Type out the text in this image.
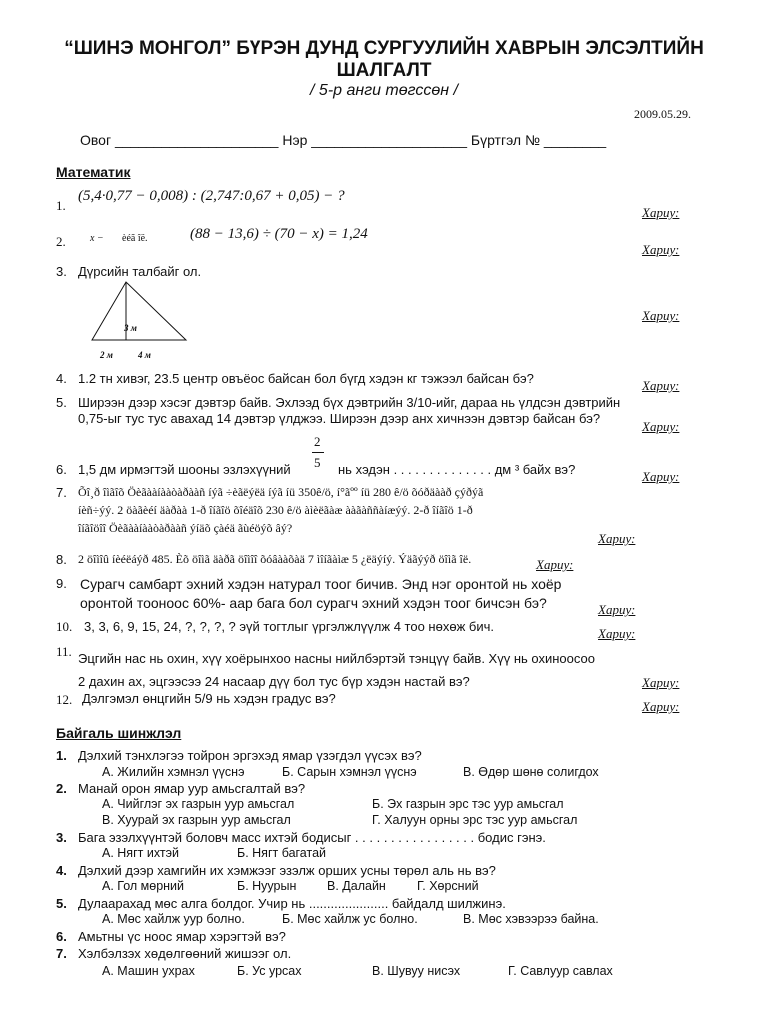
“ШИНЭ МОНГОЛ” БҮРЭН ДУНД СУРГУУЛИЙН ХАВРЫН ЭЛСЭЛТИЙН
ШАЛГАЛТ
/ 5-р анги төгссөн /
2009.05.29.
Овог _____________________ Нэр ____________________ Бүртгэл № ________
Математик
1.
(5,4·0,77 − 0,008) : (2,747:0,67 + 0,05) − ?
Хариу:
2. x − èéã îë.	(88 − 13,6) ÷ (70 − x) = 1,24
Хариу:
3. Дүрсийн талбайг ол.
3 м
2 м	4 м
Хариу:
4. 1.2 тн хивэг, 23.5 центр овъёос байсан бол бүгд хэдэн кг тэжээл байсан бэ?	Хариу:
5. Ширээн дээр хэсэг дэвтэр байв. Эхлээд бүх дэвтрийн 3/10-ийг, дараа нь үлдсэн дэвтрийн
0,75-ыг тус тус авахад 14 дэвтэр үлджээ. Ширээн дээр анх хичнээн дэвтэр байсан бэ?
Хариу:
6. 1,5 дм ирмэгтэй шооны эзлэхүүний
2
5 нь хэдэн . . . . . . . . . . . . . . дм ³ байх вэ?	Хариу:
7. Õî¸ð îìãîõ Öèãààíààòàðààñ íýã ÷èãëýëä íýã íü 350ê/ö, í°ãºº íü 280 ê/ö õóðäààð çýðýã
íèñ÷ýý. 2 öàãèéí äàðàà 1-ð îíãîö õîéäîõ 230 ê/ö àìèëãàæ ààãàññàíæýý. 2-ð îíãîö 1-ð
îíãîöîî Öèãààíààòàðààñ ýíäõ çàéä ãùéöýõ âý?
Хариу:
8. 2 öîìîû íèéëáýð 485. Èõ öîìã äàðã öîìîî õóâààõàä 7 ìîíãàìæ 5 ¿ëäýíý. Ýäãýýð öîìã îë.	Хариу:
9. Сурагч самбарт эхний хэдэн натурал тоог бичив. Энд нэг оронтой нь хоёр
оронтой тооноос 60%- аар бага бол сурагч эхний хэдэн тоог бичсэн бэ?	Хариу:
10. 3, 3, 6, 9, 15, 24, ?, ?, ?, ? эүй тогтлыг үргэлжлүүлж 4 тоо нөхөж бич.	Хариу:
11. Эцгийн нас нь охин, хүү хоёрынхоо насны нийлбэртэй тэнцүү байв. Хүү нь охиноосоо
2 дахин ах, эцгээсээ 24 насаар дүү бол тус бүр хэдэн настай вэ?	Хариу:
12. Дэлгэмэл өнцгийн 5/9 нь хэдэн градус вэ?
Хариу:
Байгаль шинжлэл
1. Дэлхий тэнхлэгээ тойрон эргэхэд ямар үзэгдэл үүсэх вэ?
А. Жилийн хэмнэл үүснэ	Б. Сарын хэмнэл үүснэ	В. Өдөр шөнө солигдох
2. Манай орон ямар уур амьсгалтай вэ?
А. Чийглэг эх газрын уур амьсгал	Б. Эх газрын эрс тэс уур амьсгал
В. Хуурай эх газрын уур амьсгал	Г. Халуун орны эрс тэс уур амьсгал
3. Бага эзэлхүүнтэй боловч масс ихтэй бодисыг . . . . . . . . . . . . . . . . . бодис гэнэ.
А. Нягт ихтэй	Б. Нягт багатай
4. Дэлхий дээр хамгийн их хэмжээг эзэлж орших усны төрөл аль нь вэ?
А. Гол мөрний	Б. Нуурын В. Далайн Г. Хөрсний
5. Дулаарахад мөс алга болдог. Учир нь ...................... байдалд шилжинэ.
А. Мөс хайлж уур болно.	Б. Мөс хайлж ус болно.	В. Мөс хэвээрээ байна.
6. Амьтны үс ноос ямар хэрэгтэй вэ?
7. Хэлбэлзэх хөдөлгөөний жишээг ол.
А. Машин ухрах	Б. Ус урсах	В. Шувуу нисэх	Г. Савлуур савлах
